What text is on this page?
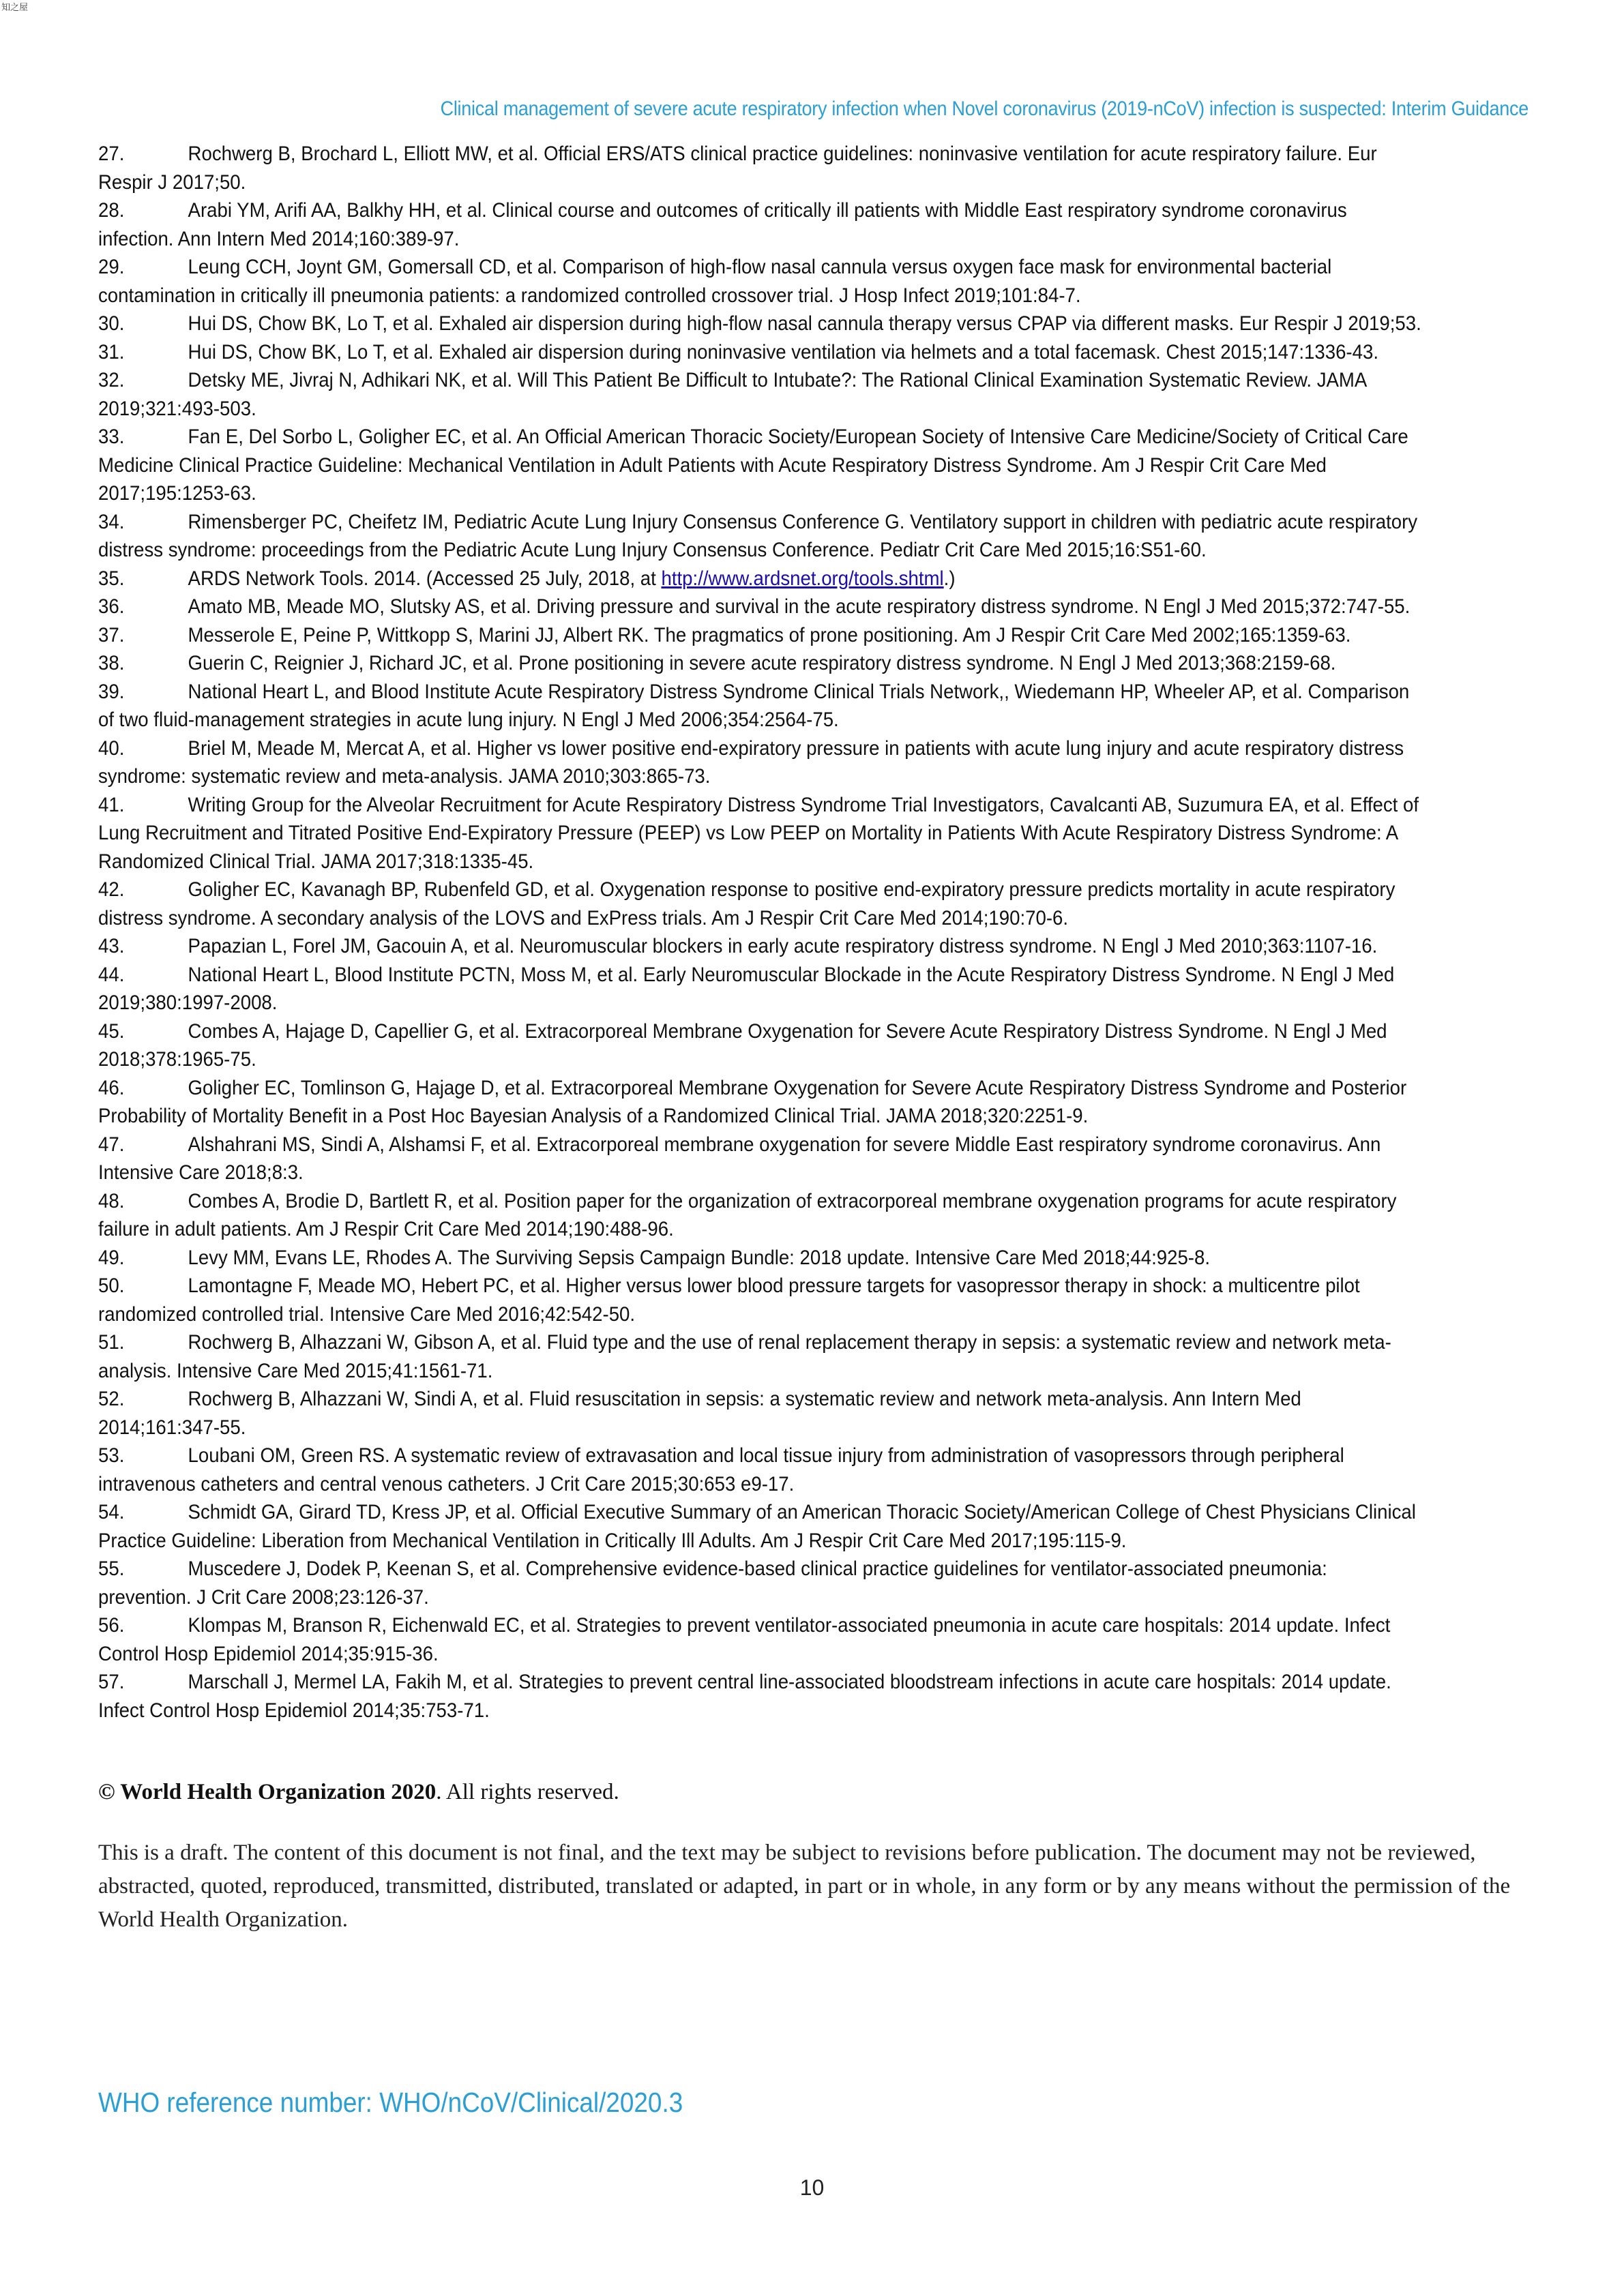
知之屋
Clinical management of severe acute respiratory infection when Novel coronavirus (2019-nCoV) infection is suspected: Interim Guidance

27.	Rochwerg B, Brochard L, Elliott MW, et al. Official ERS/ATS clinical practice guidelines: noninvasive ventilation for acute respiratory failure. Eur Respir J 2017;50.

28.	Arabi YM, Arifi AA, Balkhy HH, et al. Clinical course and outcomes of critically ill patients with Middle East respiratory syndrome coronavirus infection. Ann Intern Med 2014;160:389-97.

29.	Leung CCH, Joynt GM, Gomersall CD, et al. Comparison of high-flow nasal cannula versus oxygen face mask for environmental bacterial contamination in critically ill pneumonia patients: a randomized controlled crossover trial. J Hosp Infect 2019;101:84-7.

30.	Hui DS, Chow BK, Lo T, et al. Exhaled air dispersion during high-flow nasal cannula therapy versus CPAP via different masks. Eur Respir J 2019;53.

31.	Hui DS, Chow BK, Lo T, et al. Exhaled air dispersion during noninvasive ventilation via helmets and a total facemask. Chest 2015;147:1336-43.

32.	Detsky ME, Jivraj N, Adhikari NK, et al. Will This Patient Be Difficult to Intubate?: The Rational Clinical Examination Systematic Review. JAMA 2019;321:493-503.

33.	Fan E, Del Sorbo L, Goligher EC, et al. An Official American Thoracic Society/European Society of Intensive Care Medicine/Society of Critical Care Medicine Clinical Practice Guideline: Mechanical Ventilation in Adult Patients with Acute Respiratory Distress Syndrome. Am J Respir Crit Care Med 2017;195:1253-63.

34.	Rimensberger PC, Cheifetz IM, Pediatric Acute Lung Injury Consensus Conference G. Ventilatory support in children with pediatric acute respiratory distress syndrome: proceedings from the Pediatric Acute Lung Injury Consensus Conference. Pediatr Crit Care Med 2015;16:S51-60.

35.	ARDS Network Tools. 2014. (Accessed 25 July, 2018, at http://www.ardsnet.org/tools.shtml.)

36.	Amato MB, Meade MO, Slutsky AS, et al. Driving pressure and survival in the acute respiratory distress syndrome. N Engl J Med 2015;372:747-55.

37.	Messerole E, Peine P, Wittkopp S, Marini JJ, Albert RK. The pragmatics of prone positioning. Am J Respir Crit Care Med 2002;165:1359-63.

38.	Guerin C, Reignier J, Richard JC, et al. Prone positioning in severe acute respiratory distress syndrome. N Engl J Med 2013;368:2159-68.

39.	National Heart L, and Blood Institute Acute Respiratory Distress Syndrome Clinical Trials Network,, Wiedemann HP, Wheeler AP, et al. Comparison of two fluid-management strategies in acute lung injury. N Engl J Med 2006;354:2564-75.

40.	Briel M, Meade M, Mercat A, et al. Higher vs lower positive end-expiratory pressure in patients with acute lung injury and acute respiratory distress syndrome: systematic review and meta-analysis. JAMA 2010;303:865-73.

41.	Writing Group for the Alveolar Recruitment for Acute Respiratory Distress Syndrome Trial Investigators, Cavalcanti AB, Suzumura EA, et al. Effect of Lung Recruitment and Titrated Positive End-Expiratory Pressure (PEEP) vs Low PEEP on Mortality in Patients With Acute Respiratory Distress Syndrome: A Randomized Clinical Trial. JAMA 2017;318:1335-45.

42.	Goligher EC, Kavanagh BP, Rubenfeld GD, et al. Oxygenation response to positive end-expiratory pressure predicts mortality in acute respiratory distress syndrome. A secondary analysis of the LOVS and ExPress trials. Am J Respir Crit Care Med 2014;190:70-6.

43.	Papazian L, Forel JM, Gacouin A, et al. Neuromuscular blockers in early acute respiratory distress syndrome. N Engl J Med 2010;363:1107-16.

44.	National Heart L, Blood Institute PCTN, Moss M, et al. Early Neuromuscular Blockade in the Acute Respiratory Distress Syndrome. N Engl J Med 2019;380:1997-2008.

45.	Combes A, Hajage D, Capellier G, et al. Extracorporeal Membrane Oxygenation for Severe Acute Respiratory Distress Syndrome. N Engl J Med 2018;378:1965-75.

46.	Goligher EC, Tomlinson G, Hajage D, et al. Extracorporeal Membrane Oxygenation for Severe Acute Respiratory Distress Syndrome and Posterior Probability of Mortality Benefit in a Post Hoc Bayesian Analysis of a Randomized Clinical Trial. JAMA 2018;320:2251-9.

47.	Alshahrani MS, Sindi A, Alshamsi F, et al. Extracorporeal membrane oxygenation for severe Middle East respiratory syndrome coronavirus. Ann Intensive Care 2018;8:3.

48.	Combes A, Brodie D, Bartlett R, et al. Position paper for the organization of extracorporeal membrane oxygenation programs for acute respiratory failure in adult patients. Am J Respir Crit Care Med 2014;190:488-96.

49.	Levy MM, Evans LE, Rhodes A. The Surviving Sepsis Campaign Bundle: 2018 update. Intensive Care Med 2018;44:925-8.

50.	Lamontagne F, Meade MO, Hebert PC, et al. Higher versus lower blood pressure targets for vasopressor therapy in shock: a multicentre pilot randomized controlled trial. Intensive Care Med 2016;42:542-50.

51.	Rochwerg B, Alhazzani W, Gibson A, et al. Fluid type and the use of renal replacement therapy in sepsis: a systematic review and network meta-analysis. Intensive Care Med 2015;41:1561-71.

52.	Rochwerg B, Alhazzani W, Sindi A, et al. Fluid resuscitation in sepsis: a systematic review and network meta-analysis. Ann Intern Med 2014;161:347-55.

53.	Loubani OM, Green RS. A systematic review of extravasation and local tissue injury from administration of vasopressors through peripheral intravenous catheters and central venous catheters. J Crit Care 2015;30:653 e9-17.

54.	Schmidt GA, Girard TD, Kress JP, et al. Official Executive Summary of an American Thoracic Society/American College of Chest Physicians Clinical Practice Guideline: Liberation from Mechanical Ventilation in Critically Ill Adults. Am J Respir Crit Care Med 2017;195:115-9.

55.	Muscedere J, Dodek P, Keenan S, et al. Comprehensive evidence-based clinical practice guidelines for ventilator-associated pneumonia: prevention. J Crit Care 2008;23:126-37.

56.	Klompas M, Branson R, Eichenwald EC, et al. Strategies to prevent ventilator-associated pneumonia in acute care hospitals: 2014 update. Infect Control Hosp Epidemiol 2014;35:915-36.

57.	Marschall J, Mermel LA, Fakih M, et al. Strategies to prevent central line-associated bloodstream infections in acute care hospitals: 2014 update. Infect Control Hosp Epidemiol 2014;35:753-71.

© World Health Organization 2020. All rights reserved.
This is a draft. The content of this document is not final, and the text may be subject to revisions before publication. The document may not be reviewed, abstracted, quoted, reproduced, transmitted, distributed, translated or adapted, in part or in whole, in any form or by any means without the permission of the World Health Organization.
WHO reference number: WHO/nCoV/Clinical/2020.3
10
